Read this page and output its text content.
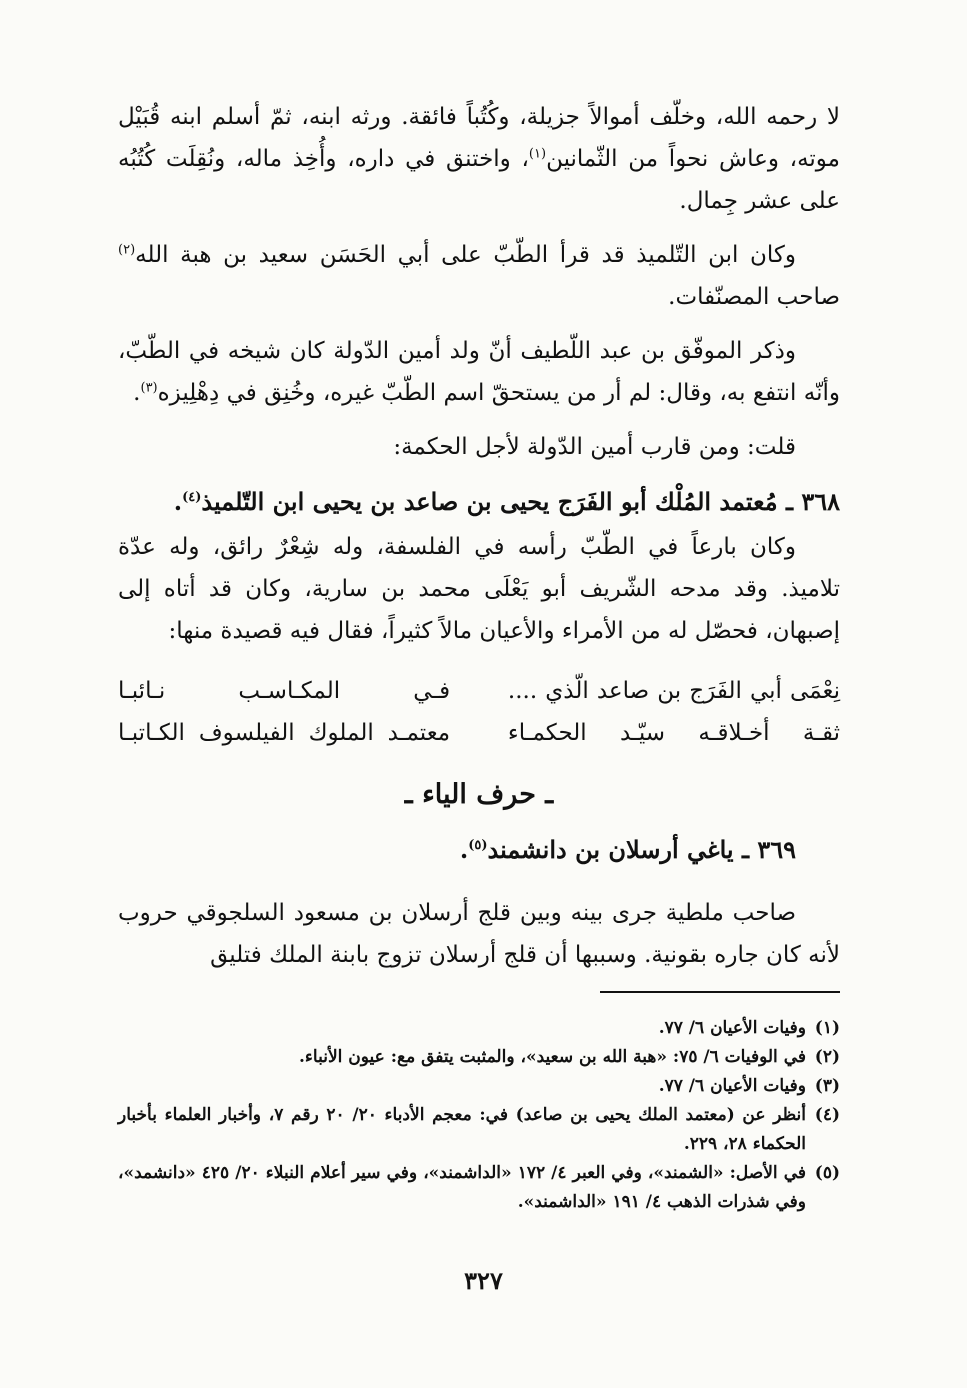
لا رحمه الله، وخلّف أموالاً جزيلة، وكُتُباً فائقة. ورثه ابنه، ثمّ أسلم ابنه قُبَيْل موته، وعاش نحواً من الثّمانين$^{(١)}$، واختنق في داره، وأُخِذ ماله، ونُقِلَت كُتُبُه على عشر جِمال.

وكان ابن التّلميذ قد قرأ الطّبّ على أبي الحَسَن سعيد بن هبة الله$^{(٢)}$ صاحب المصنّفات.

وذكر الموفّق بن عبد اللّطيف أنّ ولد أمين الدّولة كان شيخه في الطّبّ، وأنّه انتفع به، وقال: لم أر من يستحقّ اسم الطّبّ غيره، وخُنِق في دِهْلِيزه$^{(٣)}$.

قلت: ومن قارب أمين الدّولة لأجل الحكمة:

٣٦٨ ـ مُعتمد المُلْك أبو الفَرَج يحيى بن صاعد بن يحيى ابن التّلميذ$^{(٤)}$.

وكان بارعاً في الطّبّ رأسه في الفلسفة، وله شِعْرٌ رائق، وله عدّة تلاميذ. وقد مدحه الشّريف أبو يَعْلَى محمد بن سارية، وكان قد أتاه إلى إصبهان، فحصّل له من الأمراء والأعيان مالاً كثيراً، فقال فيه قصيدة منها:

نِعْمَى أبي الفَرَج بن صاعد الّذي ....
فـي المكـاسـب نـائبـا
ثقـة أخـلاقـه سيّـد الحكمـاء
معتمـد الملوك الفيلسوف الكـاتبـا
ـ حرف الياء ـ
٣٦٩ ـ ياغي أرسلان بن دانشمند$^{(٥)}$.

صاحب ملطية جرى بينه وبين قلج أرسلان بن مسعود السلجوقي حروب لأنه كان جاره بقونية. وسببها أن قلج أرسلان تزوج بابنة الملك فتليق

(١)
وفيات الأعيان ٦/ ٧٧.
(٢)
في الوفيات ٦/ ٧٥: «هبة الله بن سعيد»، والمثبت يتفق مع: عيون الأنباء.
(٣)
وفيات الأعيان ٦/ ٧٧.
(٤)
أنظر عن (معتمد الملك يحيى بن صاعد) في: معجم الأدباء ٢٠/ ٢٠ رقم ٧، وأخبار العلماء بأخبار الحكماء ٢٨، ٢٢٩.
(٥)
في الأصل: «الشمند»، وفي العبر ٤/ ١٧٢ «الداشمند»، وفي سير أعلام النبلاء ٢٠/ ٤٢٥ «دانشمد»، وفي شذرات الذهب ٤/ ١٩١ «الداشمند».
٣٢٧
